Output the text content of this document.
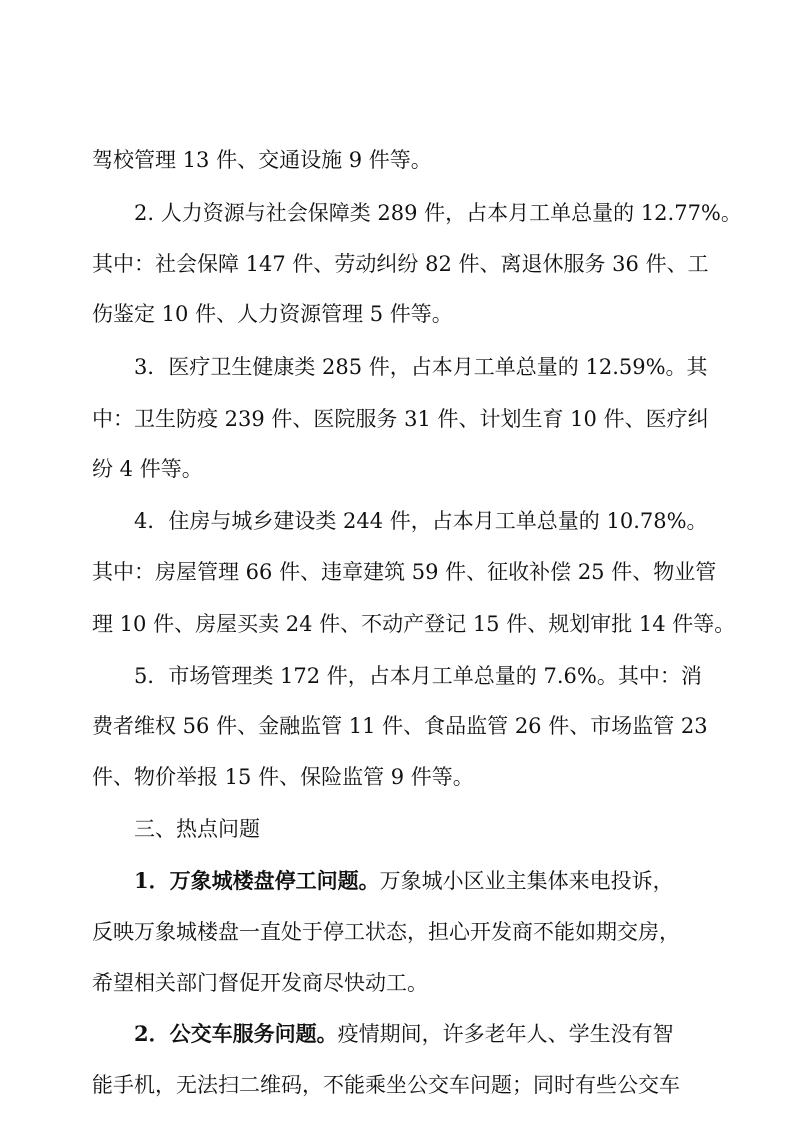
驾校管理 13 件、交通设施 9 件等。
2. 人力资源与社会保障类 289 件，占本月工单总量的 12.77%。
其中：社会保障 147 件、劳动纠纷 82 件、离退休服务 36 件、工
伤鉴定 10 件、人力资源管理 5 件等。
3．医疗卫生健康类 285 件，占本月工单总量的 12.59%。其
中：卫生防疫 239 件、医院服务 31 件、计划生育 10 件、医疗纠
纷 4 件等。
4．住房与城乡建设类 244 件，占本月工单总量的 10.78%。
其中：房屋管理 66 件、违章建筑 59 件、征收补偿 25 件、物业管
理 10 件、房屋买卖 24 件、不动产登记 15 件、规划审批 14 件等。
5．市场管理类 172 件，占本月工单总量的 7.6%。其中：消
费者维权 56 件、金融监管 11 件、食品监管 26 件、市场监管 23
件、物价举报 15 件、保险监管 9 件等。
三、热点问题
1．万象城楼盘停工问题。万象城小区业主集体来电投诉，
反映万象城楼盘一直处于停工状态，担心开发商不能如期交房，
希望相关部门督促开发商尽快动工。
2．公交车服务问题。疫情期间，许多老年人、学生没有智
能手机，无法扫二维码，不能乘坐公交车问题；同时有些公交车
